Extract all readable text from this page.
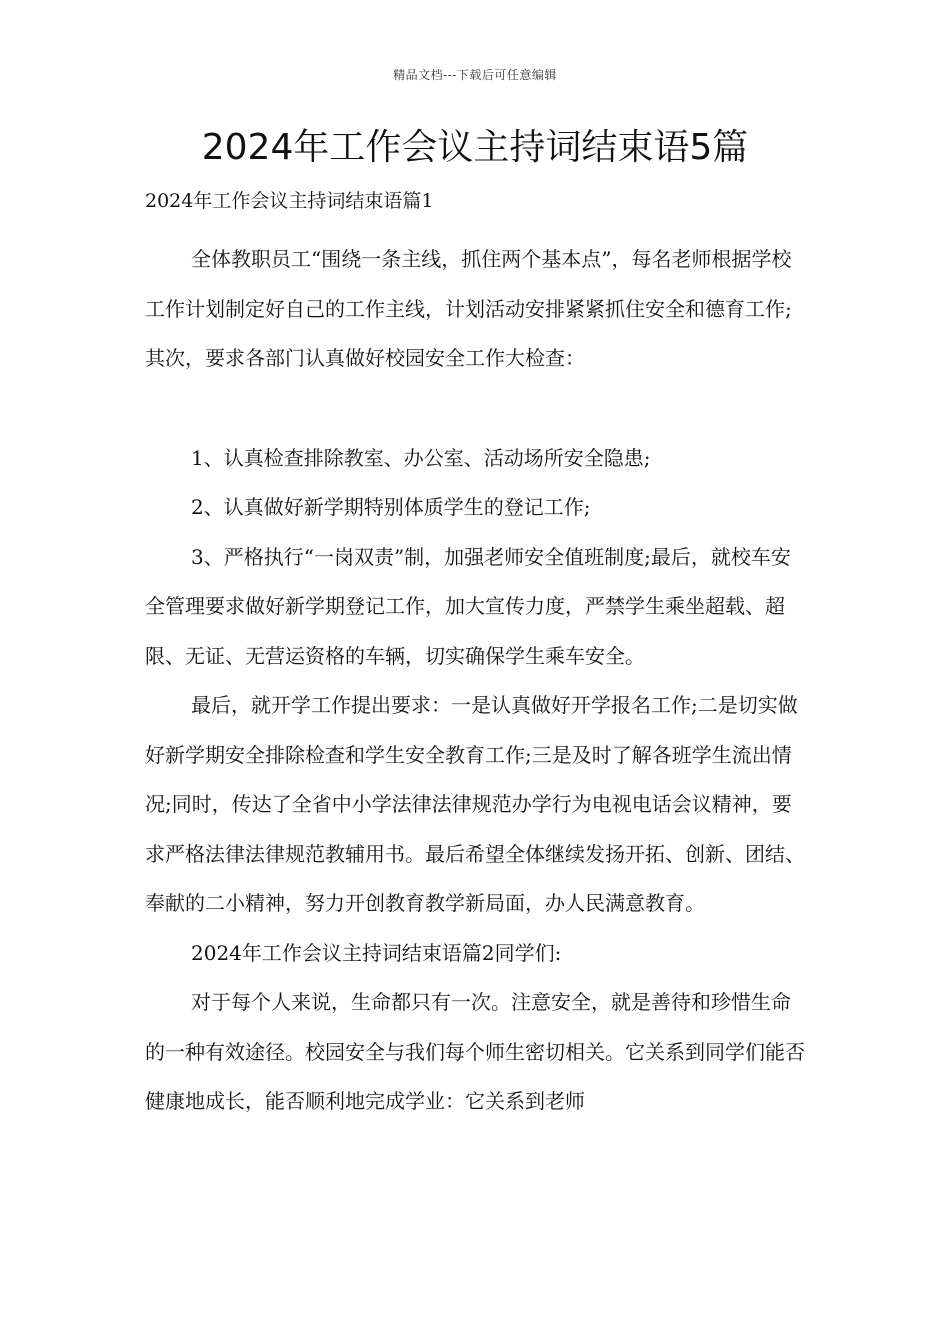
精品文档---下载后可任意编辑
2024年工作会议主持词结束语5篇

2024年工作会议主持词结束语篇1

全体教职员工“围绕一条主线，抓住两个基本点”，每名老师根据学校工作计划制定好自己的工作主线，计划活动安排紧紧抓住安全和德育工作;其次，要求各部门认真做好校园安全工作大检查：

1、认真检查排除教室、办公室、活动场所安全隐患;

2、认真做好新学期特别体质学生的登记工作;

3、严格执行“一岗双责”制，加强老师安全值班制度;最后，就校车安全管理要求做好新学期登记工作，加大宣传力度，严禁学生乘坐超载、超限、无证、无营运资格的车辆，切实确保学生乘车安全。

最后，就开学工作提出要求：一是认真做好开学报名工作;二是切实做好新学期安全排除检查和学生安全教育工作;三是及时了解各班学生流出情况;同时，传达了全省中小学法律法律规范办学行为电视电话会议精神，要求严格法律法律规范教辅用书。最后希望全体继续发扬开拓、创新、团结、奉献的二小精神，努力开创教育教学新局面，办人民满意教育。

2024年工作会议主持词结束语篇2同学们:

对于每个人来说，生命都只有一次。注意安全，就是善待和珍惜生命的一种有效途径。校园安全与我们每个师生密切相关。它关系到同学们能否健康地成长，能否顺利地完成学业：它关系到老师
